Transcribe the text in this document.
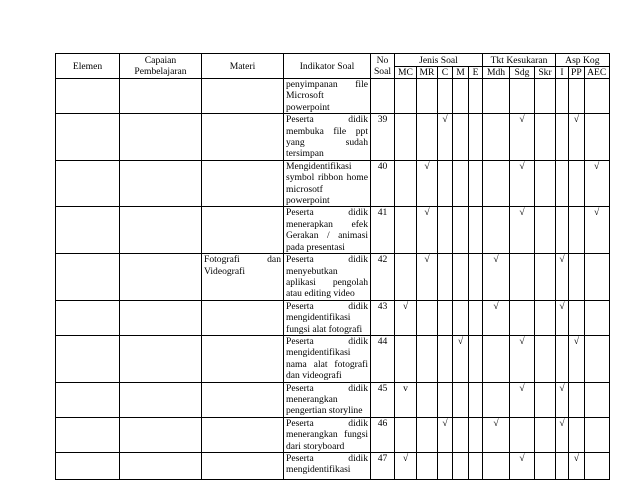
Elemen	Capaian
Pembelajaran	Materi	Indikator Soal	No
Soal	Jenis Soal					Tkt Kesukaran			Asp Kog		
					MC	MR	C	M	E	Mdh	Sdg	Skr	I	PP	AEC
			penyimpanan file Microsoft powerpoint												
			Peserta didik membuka file ppt yang sudah tersimpan	39			√				√			√	
			Mengidentifikasi symbol ribbon home microsotf powerpoint	40		√					√				√
			Peserta didik menerapkan efek Gerakan / animasi pada presentasi	41		√					√				√
		Fotografi dan Videografi	Peserta didik menyebutkan aplikasi pengolah atau editing video	42		√				√			√		
			Peserta didik mengidentifikasi fungsi alat fotografi	43	√					√			√		
			Peserta didik mengidentifikasi nama alat fotografi dan videografi	44				√			√			√	
			Peserta didik menerangkan pengertian storyline	45	v						√		√		
			Peserta didik menerangkan fungsi dari storyboard	46			√			√			√		
			Peserta didik mengidentifikasi	47	√						√			√	
